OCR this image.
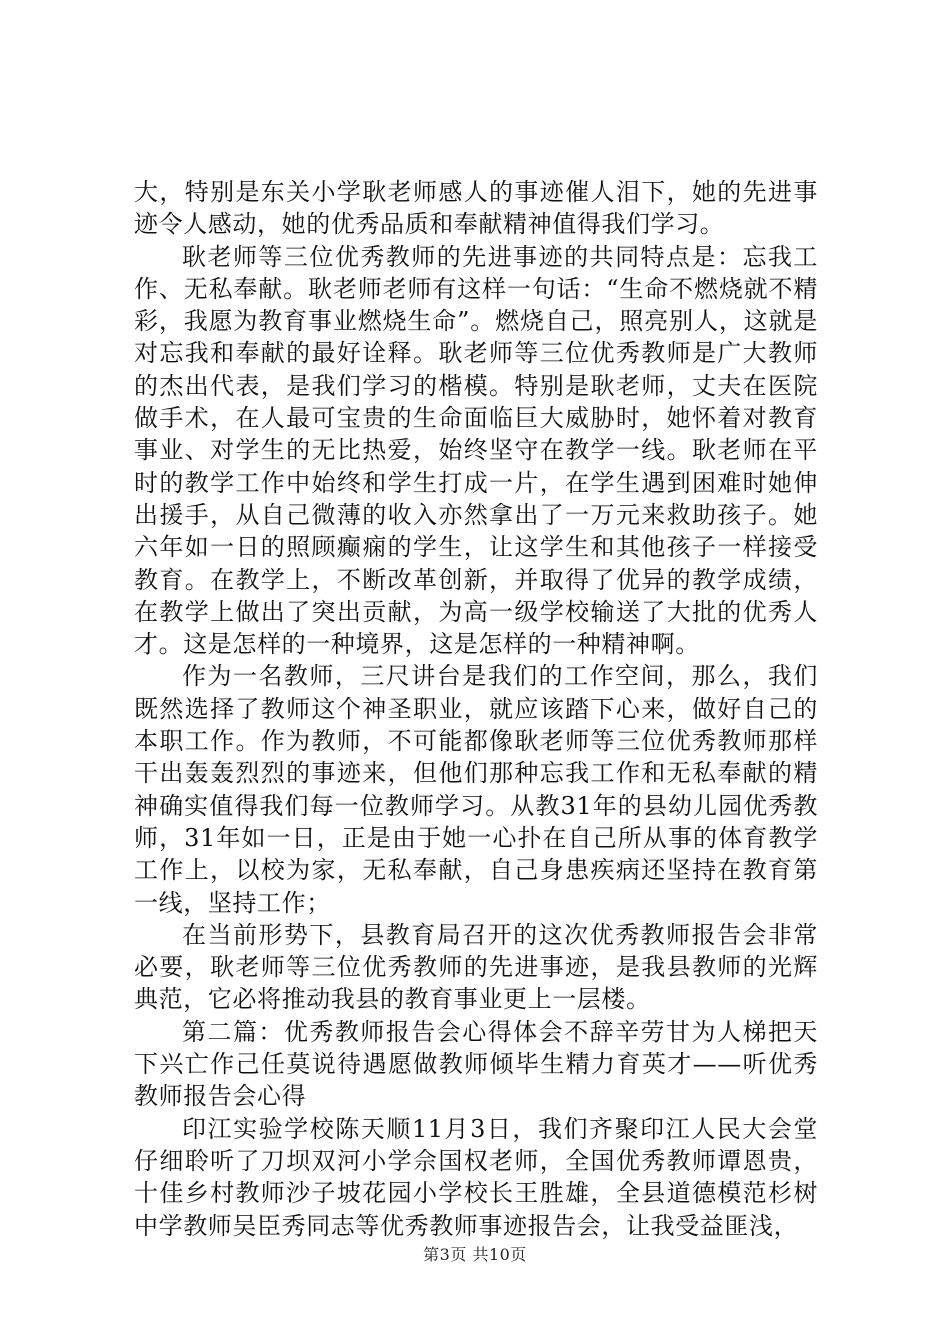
大，特别是东关小学耿老师感人的事迹催人泪下，她的先进事迹令人感动，她的优秀品质和奉献精神值得我们学习。

耿老师等三位优秀教师的先进事迹的共同特点是：忘我工作、无私奉献。耿老师老师有这样一句话：“生命不燃烧就不精彩，我愿为教育事业燃烧生命”。燃烧自己，照亮别人，这就是对忘我和奉献的最好诠释。耿老师等三位优秀教师是广大教师的杰出代表，是我们学习的楷模。特别是耿老师，丈夫在医院做手术，在人最可宝贵的生命面临巨大威胁时，她怀着对教育事业、对学生的无比热爱，始终坚守在教学一线。耿老师在平时的教学工作中始终和学生打成一片，在学生遇到困难时她伸出援手，从自己微薄的收入亦然拿出了一万元来救助孩子。她六年如一日的照顾癫痫的学生，让这学生和其他孩子一样接受教育。在教学上，不断改革创新，并取得了优异的教学成绩，在教学上做出了突出贡献，为高一级学校输送了大批的优秀人才。这是怎样的一种境界，这是怎样的一种精神啊。

作为一名教师，三尺讲台是我们的工作空间，那么，我们既然选择了教师这个神圣职业，就应该踏下心来，做好自己的本职工作。作为教师，不可能都像耿老师等三位优秀教师那样干出轰轰烈烈的事迹来，但他们那种忘我工作和无私奉献的精神确实值得我们每一位教师学习。从教31年的县幼儿园优秀教师，31年如一日，正是由于她一心扑在自己所从事的体育教学工作上，以校为家，无私奉献，自己身患疾病还坚持在教育第一线，坚持工作；

在当前形势下，县教育局召开的这次优秀教师报告会非常必要，耿老师等三位优秀教师的先进事迹，是我县教师的光辉典范，它必将推动我县的教育事业更上一层楼。

第二篇：优秀教师报告会心得体会不辞辛劳甘为人梯把天下兴亡作己任莫说待遇愿做教师倾毕生精力育英才——听优秀教师报告会心得

印江实验学校陈天顺11月3日，我们齐聚印江人民大会堂仔细聆听了刀坝双河小学佘国权老师，全国优秀教师谭恩贵，十佳乡村教师沙子坡花园小学校长王胜雄，全县道德模范杉树中学教师吴臣秀同志等优秀教师事迹报告会，让我受益匪浅，

第3页 共10页
